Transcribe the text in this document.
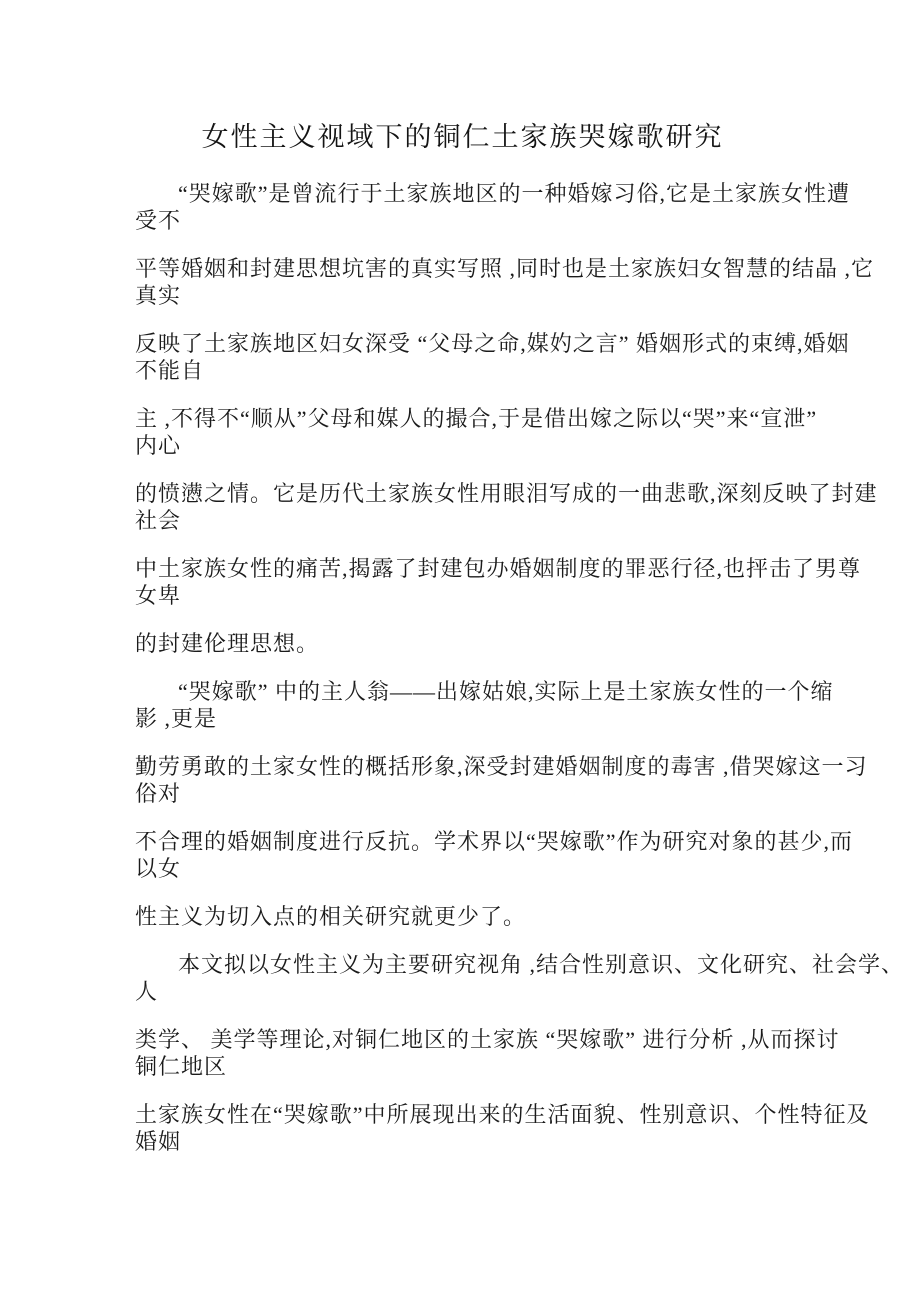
女性主义视域下的铜仁土家族哭嫁歌研究

“哭嫁歌”是曾流行于土家族地区的一种婚嫁习俗,它是土家族女性遭
受不

平等婚姻和封建思想坑害的真实写照 ,同时也是土家族妇女智慧的结晶 ,它
真实

反映了土家族地区妇女深受 “父母之命,媒妁之言” 婚姻形式的束缚,婚姻
不能自

主 ,不得不“顺从”父母和媒人的撮合,于是借出嫁之际以“哭”来“宣泄”
内心

的愤懑之情。它是历代土家族女性用眼泪写成的一曲悲歌,深刻反映了封建
社会

中土家族女性的痛苦,揭露了封建包办婚姻制度的罪恶行径,也抨击了男尊
女卑

的封建伦理思想。

“哭嫁歌” 中的主人翁——出嫁姑娘,实际上是土家族女性的一个缩
影 ,更是

勤劳勇敢的土家女性的概括形象,深受封建婚姻制度的毒害 ,借哭嫁这一习
俗对

不合理的婚姻制度进行反抗。学术界以“哭嫁歌”作为研究对象的甚少,而
以女

性主义为切入点的相关研究就更少了。

本文拟以女性主义为主要研究视角 ,结合性别意识、文化研究、社会学、
人

类学、 美学等理论,对铜仁地区的土家族 “哭嫁歌” 进行分析 ,从而探讨
铜仁地区

土家族女性在“哭嫁歌”中所展现出来的生活面貌、性别意识、个性特征及
婚姻
